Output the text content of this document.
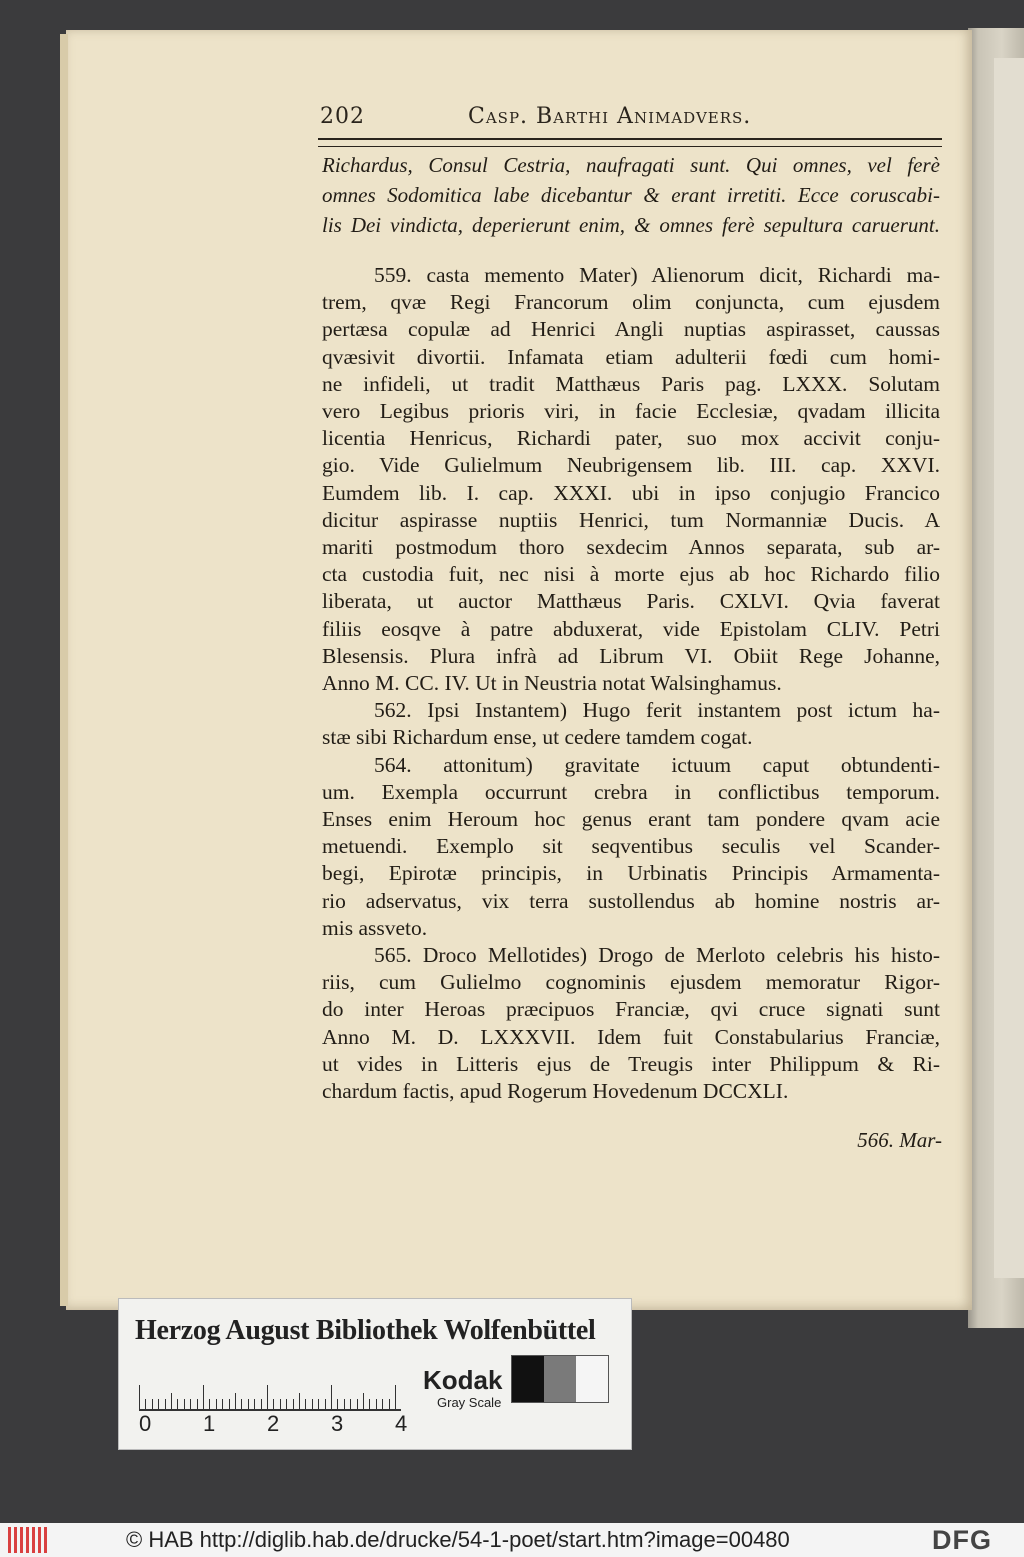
202	Casp. Barthi Animadvers.

Richardus, Consul Cestria, naufragati sunt. Qui omnes, vel ferè

omnes Sodomitica labe dicebantur & erant irretiti. Ecce coruscabi-

lis Dei vindicta, deperierunt enim, & omnes ferè sepultura caruerunt.

559. casta memento Mater) Alienorum dicit, Richardi ma-
trem, qvæ Regi Francorum olim conjuncta, cum ejusdem
pertæsa copulæ ad Henrici Angli nuptias aspirasset, caussas
qvæsivit divortii. Infamata etiam adulterii fœdi cum homi-
ne infideli, ut tradit Matthæus Paris pag. LXXX. Solutam
vero Legibus prioris viri, in facie Ecclesiæ, qvadam illicita
licentia Henricus, Richardi pater, suo mox accivit conju-
gio. Vide Gulielmum Neubrigensem lib. III. cap. XXVI.
Eumdem lib. I. cap. XXXI. ubi in ipso conjugio Francico
dicitur aspirasse nuptiis Henrici, tum Normanniæ Ducis. A
mariti postmodum thoro sexdecim Annos separata, sub ar-
cta custodia fuit, nec nisi à morte ejus ab hoc Richardo filio
liberata, ut auctor Matthæus Paris. CXLVI. Qvia faverat
filiis eosqve à patre abduxerat, vide Epistolam CLIV. Petri
Blesensis. Plura infrà ad Librum VI. Obiit Rege Johanne,
Anno M. CC. IV. Ut in Neustria notat Walsinghamus.
562. Ipsi Instantem) Hugo ferit instantem post ictum ha-
stæ sibi Richardum ense, ut cedere tamdem cogat.
564. attonitum) gravitate ictuum caput obtundenti-
um. Exempla occurrunt crebra in conflictibus temporum.
Enses enim Heroum hoc genus erant tam pondere qvam acie
metuendi. Exemplo sit seqventibus seculis vel Scander-
begi, Epirotæ principis, in Urbinatis Principis Armamenta-
rio adservatus, vix terra sustollendus ab homine nostris ar-
mis assveto.
565. Droco Mellotides) Drogo de Merloto celebris his histo-
riis, cum Gulielmo cognominis ejusdem memoratur Rigor-
do inter Heroas præcipuos Franciæ, qvi cruce signati sunt
Anno M. D. LXXXVII. Idem fuit Constabularius Franciæ,
ut vides in Litteris ejus de Treugis inter Philippum & Ri-
chardum factis, apud Rogerum Hovedenum DCCXLI.
566. Mar-
Herzog August Bibliothek Wolfenbüttel
0 1 2 3 4
Kodak
Gray Scale
© HAB http://diglib.hab.de/drucke/54-1-poet/start.htm?image=00480	DFG
